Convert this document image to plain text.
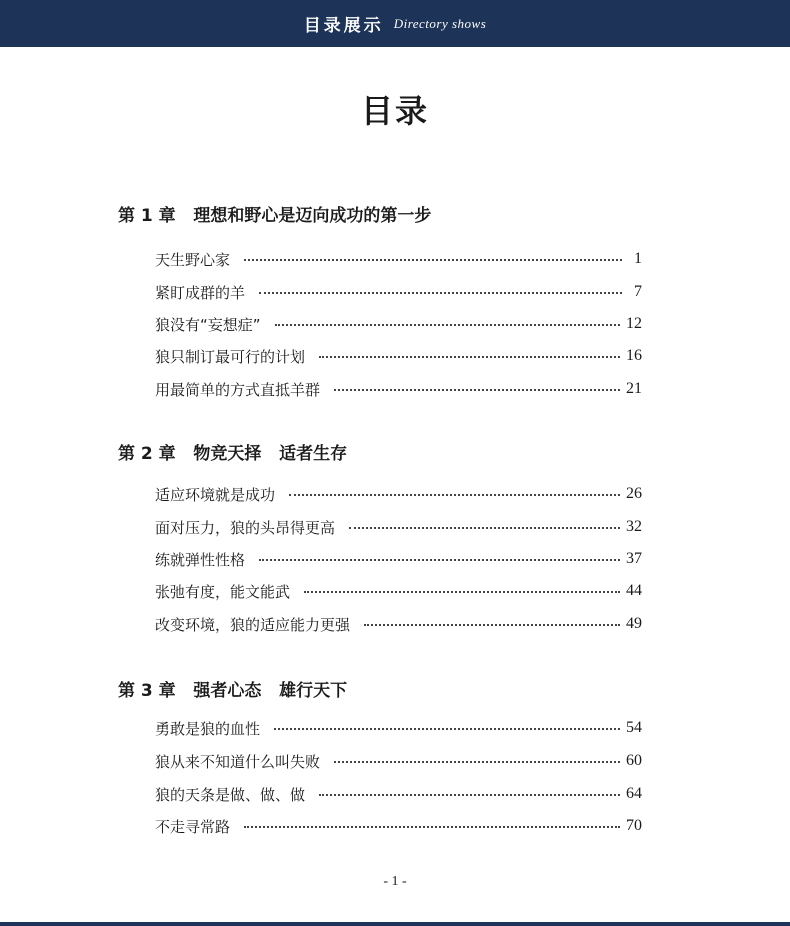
目录展示 Directory shows
目录
第 1 章   理想和野心是迈向成功的第一步
天生野心家	1
紧盯成群的羊	7
狼没有“妄想症”	12
狼只制订最可行的计划	16
用最简单的方式直抵羊群	21
第 2 章   物竞天择   适者生存
适应环境就是成功	26
面对压力，狼的头昂得更高	32
练就弹性性格	37
张弛有度，能文能武	44
改变环境，狼的适应能力更强	49
第 3 章   强者心态   雄行天下
勇敢是狼的血性	54
狼从来不知道什么叫失败	60
狼的天条是做、做、做	64
不走寻常路	70
- 1 -
